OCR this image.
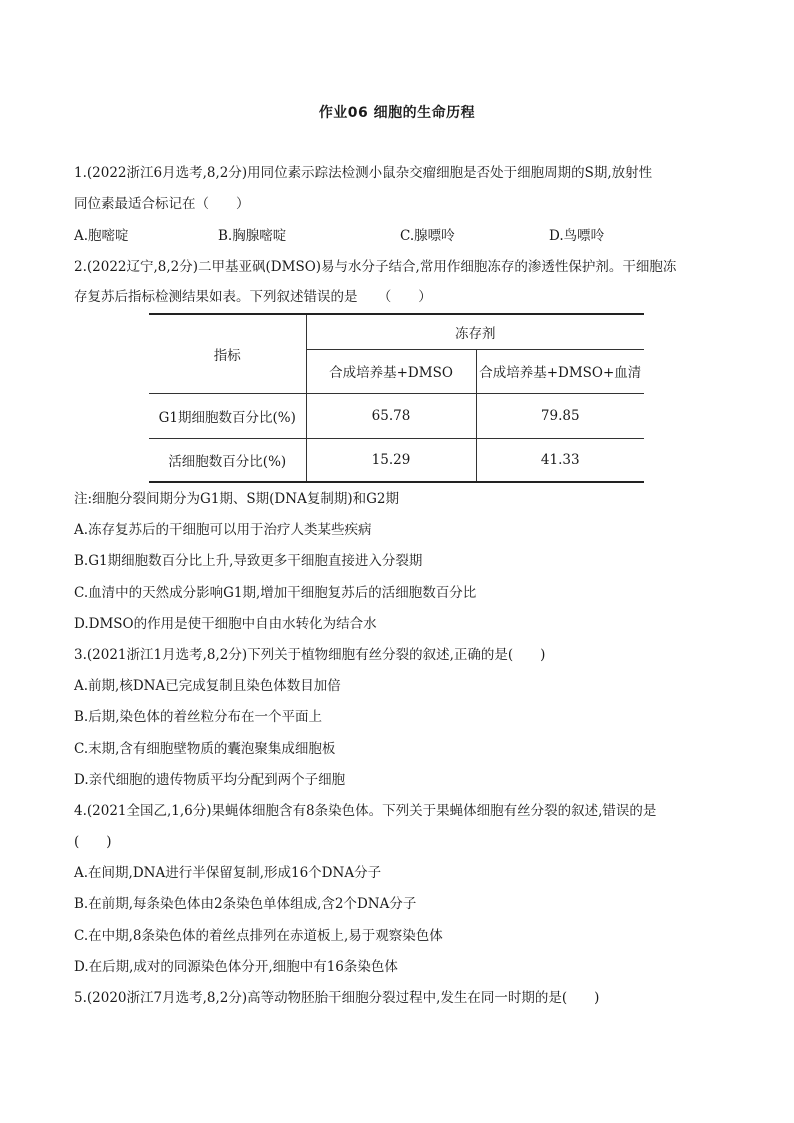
作业06 细胞的生命历程
1.(2022浙江6月选考,8,2分)用同位素示踪法检测小鼠杂交瘤细胞是否处于细胞周期的S期,放射性
同位素最适合标记在（　　）
A.胞嘧啶	B.胸腺嘧啶	C.腺嘌呤	D.鸟嘌呤
2.(2022辽宁,8,2分)二甲基亚砜(DMSO)易与水分子结合,常用作细胞冻存的渗透性保护剂。干细胞冻
存复苏后指标检测结果如表。下列叙述错误的是　　（　　）
指标	冻存剂	
	合成培养基+DMSO	合成培养基+DMSO+血清
G1期细胞数百分比(%)	65.78	79.85
活细胞数百分比(%)	15.29	41.33
注:细胞分裂间期分为G1期、S期(DNA复制期)和G2期
A.冻存复苏后的干细胞可以用于治疗人类某些疾病
B.G1期细胞数百分比上升,导致更多干细胞直接进入分裂期
C.血清中的天然成分影响G1期,增加干细胞复苏后的活细胞数百分比
D.DMSO的作用是使干细胞中自由水转化为结合水
3.(2021浙江1月选考,8,2分)下列关于植物细胞有丝分裂的叙述,正确的是(　　)
A.前期,核DNA已完成复制且染色体数目加倍
B.后期,染色体的着丝粒分布在一个平面上
C.末期,含有细胞壁物质的囊泡聚集成细胞板
D.亲代细胞的遗传物质平均分配到两个子细胞
4.(2021全国乙,1,6分)果蝇体细胞含有8条染色体。下列关于果蝇体细胞有丝分裂的叙述,错误的是
(　　)
A.在间期,DNA进行半保留复制,形成16个DNA分子
B.在前期,每条染色体由2条染色单体组成,含2个DNA分子
C.在中期,8条染色体的着丝点排列在赤道板上,易于观察染色体
D.在后期,成对的同源染色体分开,细胞中有16条染色体
5.(2020浙江7月选考,8,2分)高等动物胚胎干细胞分裂过程中,发生在同一时期的是(　　)
